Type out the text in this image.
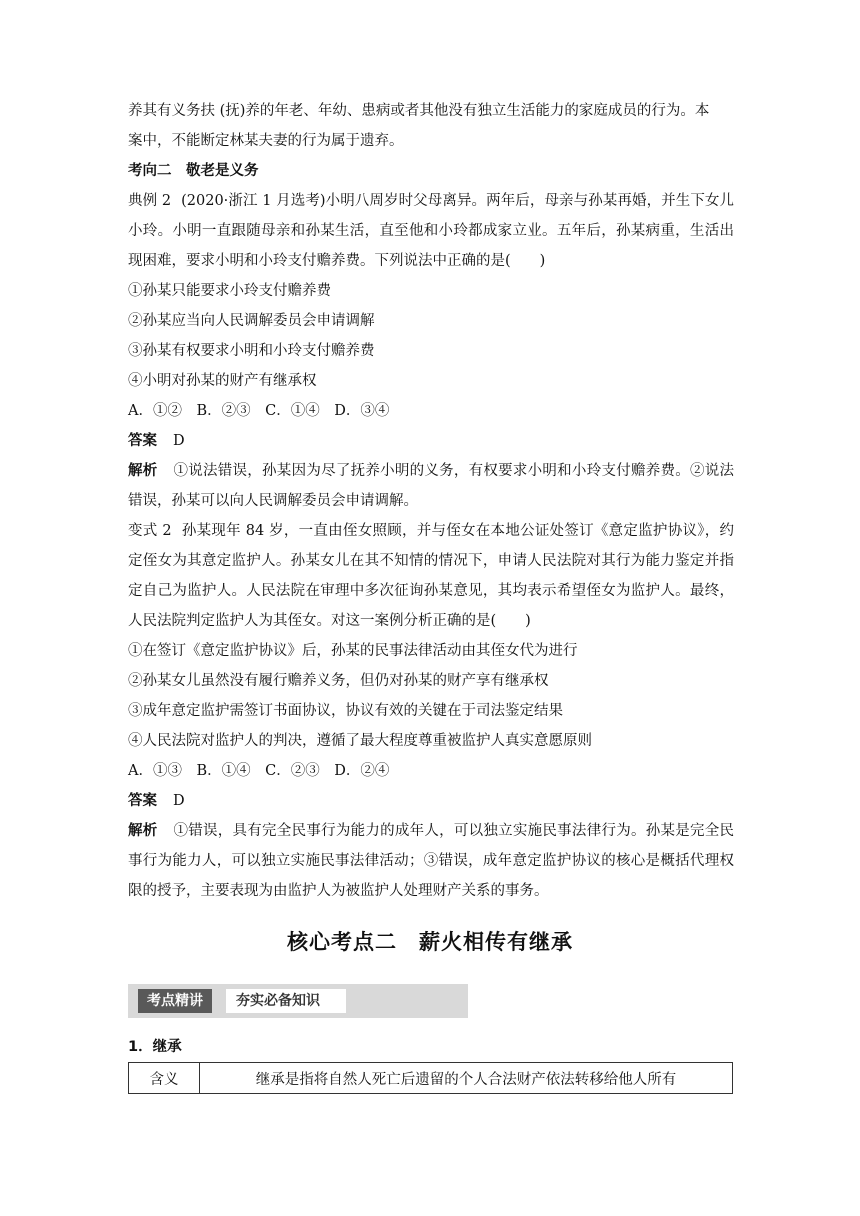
养其有义务扶 (抚)养的年老、年幼、患病或者其他没有独立生活能力的家庭成员的行为。本
案中，不能断定林某夫妻的行为属于遗弃。
考向二　敬老是义务
典例 2 (2020·浙江 1 月选考)小明八周岁时父母离异。两年后，母亲与孙某再婚，并生下女儿小玲。小明一直跟随母亲和孙某生活，直至他和小玲都成家立业。五年后，孙某病重，生活出现困难，要求小明和小玲支付赡养费。下列说法中正确的是(　　)
①孙某只能要求小玲支付赡养费
②孙某应当向人民调解委员会申请调解
③孙某有权要求小明和小玲支付赡养费
④小明对孙某的财产有继承权
A．①②　B．②③　C．①④　D．③④
答案 D
解析 ①说法错误，孙某因为尽了抚养小明的义务，有权要求小明和小玲支付赡养费。②说法错误，孙某可以向人民调解委员会申请调解。
变式 2 孙某现年 84 岁，一直由侄女照顾，并与侄女在本地公证处签订《意定监护协议》，约定侄女为其意定监护人。孙某女儿在其不知情的情况下，申请人民法院对其行为能力鉴定并指定自己为监护人。人民法院在审理中多次征询孙某意见，其均表示希望侄女为监护人。最终，人民法院判定监护人为其侄女。对这一案例分析正确的是(　　)
①在签订《意定监护协议》后，孙某的民事法律活动由其侄女代为进行
②孙某女儿虽然没有履行赡养义务，但仍对孙某的财产享有继承权
③成年意定监护需签订书面协议，协议有效的关键在于司法鉴定结果
④人民法院对监护人的判决，遵循了最大程度尊重被监护人真实意愿原则
A．①③　B．①④　C．②③　D．②④
答案 D
解析 ①错误，具有完全民事行为能力的成年人，可以独立实施民事法律行为。孙某是完全民事行为能力人，可以独立实施民事法律活动；③错误，成年意定监护协议的核心是概括代理权限的授予，主要表现为由监护人为被监护人处理财产关系的事务。
核心考点二　薪火相传有继承
考点精讲	夯实必备知识
1．继承
含义	继承是指将自然人死亡后遗留的个人合法财产依法转移给他人所有
